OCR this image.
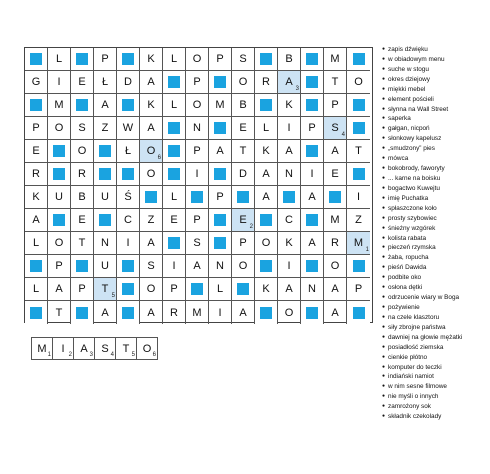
L	P	K L O P S	B	M
G I E Ł D A	P	O R A
3
T O
M	A	K L O M B	K	P
P O S Z W A	N	E L I P S
4
E	O	Ł O
6
P A T K A	A T
R	R	O	I	D A N I E
K U B U Ś	L	P	A	A	I
A	E	C Z E P	E
2
C	M Z
L O T N I A	S	P O K A R M
1
P	U	S I A N O	I	O
L A P T
5
O P	L	K A N A P
T	A	A R M I A	O	A
M
1
I
2
A
3
S
4
T
5
O
6
● zapis dźwięku
● w obiadowym menu
● suche w stogu
● okres dziejowy
● miękki mebel
● element pościeli
● słynna na Wall Street
● saperka
● gałgan, nicpoń
● słonkowy kapelusz
● „smudzony” pies
● mówca
● bokobrody, faworyty
● ... karne na boisku
● bogactwo Kuwejtu
● imię Puchatka
● spłaszczone koło
● prosty szybowiec
● śnieżny wzgórek
● kolista rabata
● pieczeń rzymska
● żaba, ropucha
● pieśń Dawida
● podbite oko
● osłona dętki
● odrzucenie wiary w Boga
● pożywienie
● na czele klasztoru
● siły zbrojne państwa
● dawniej na głowie mężatki
● posiadłość ziemska
● cienkie płótno
● komputer do teczki
● indiański namiot
● w nim sesne filmowe
● nie myśli o innych
● zamrożony sok
● składnik czekolady
